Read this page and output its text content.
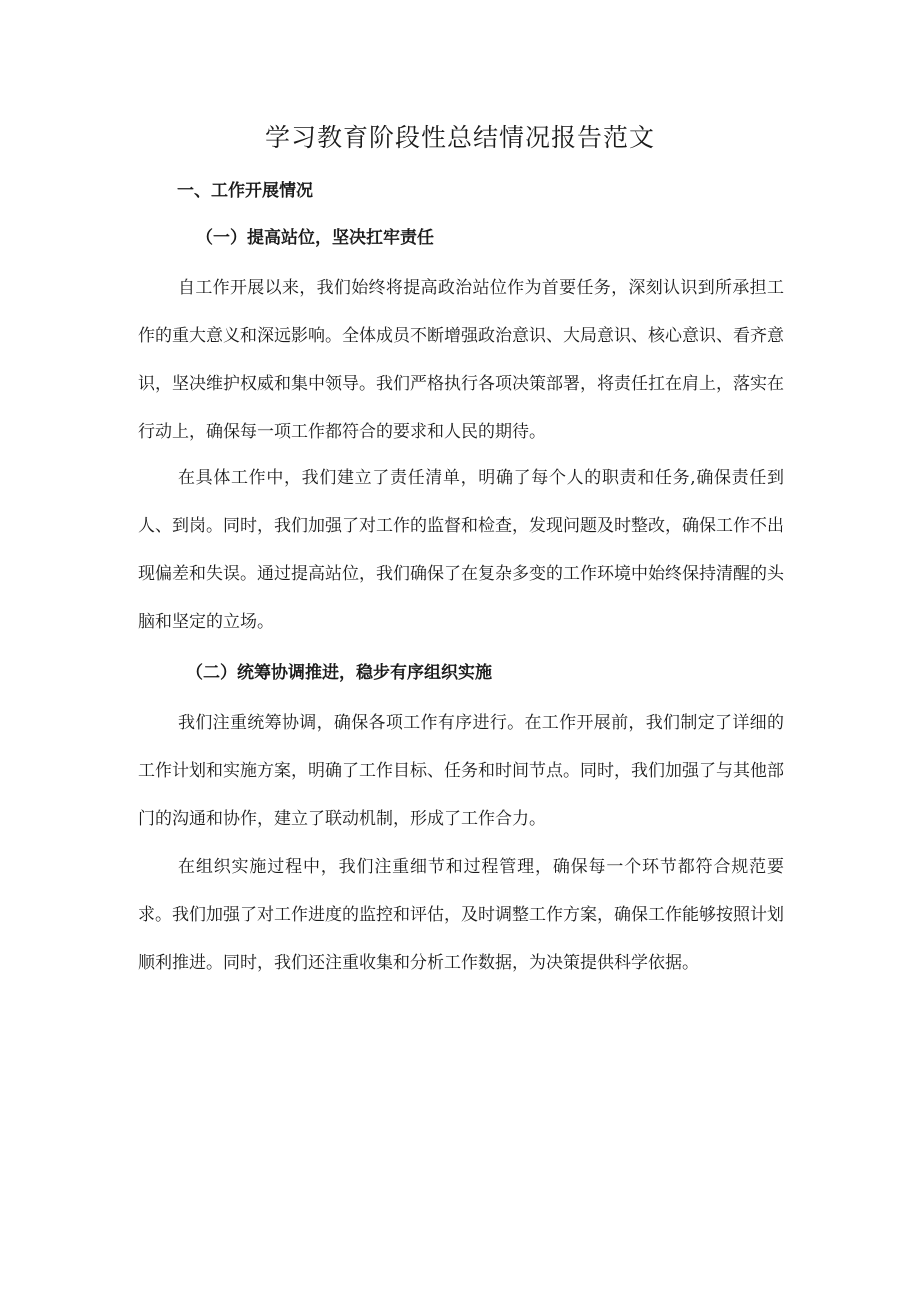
学习教育阶段性总结情况报告范文
一、工作开展情况
（一）提高站位，坚决扛牢责任

自工作开展以来，我们始终将提高政治站位作为首要任务，深刻认识到所承担工作的重大意义和深远影响。全体成员不断增强政治意识、大局意识、核心意识、看齐意识，坚决维护权威和集中领导。我们严格执行各项决策部署，将责任扛在肩上，落实在行动上，确保每一项工作都符合的要求和人民的期待。

在具体工作中，我们建立了责任清单，明确了每个人的职责和任务,确保责任到人、到岗。同时，我们加强了对工作的监督和检查，发现问题及时整改，确保工作不出现偏差和失误。通过提高站位，我们确保了在复杂多变的工作环境中始终保持清醒的头脑和坚定的立场。

（二）统筹协调推进，稳步有序组织实施

我们注重统筹协调，确保各项工作有序进行。在工作开展前，我们制定了详细的工作计划和实施方案，明确了工作目标、任务和时间节点。同时，我们加强了与其他部门的沟通和协作，建立了联动机制，形成了工作合力。

在组织实施过程中，我们注重细节和过程管理，确保每一个环节都符合规范要求。我们加强了对工作进度的监控和评估，及时调整工作方案，确保工作能够按照计划顺利推进。同时，我们还注重收集和分析工作数据，为决策提供科学依据。
